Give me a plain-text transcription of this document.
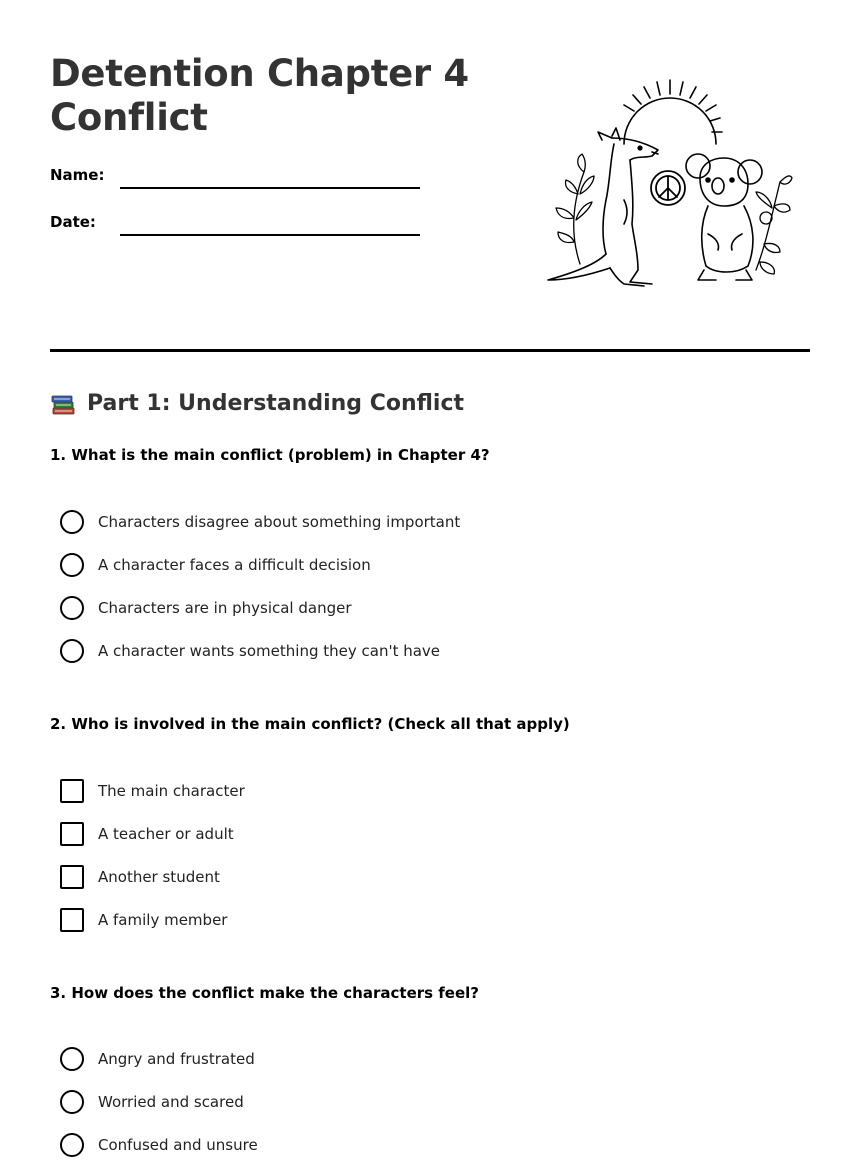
Detention Chapter 4
Conflict
Name:
Date:
Part 1: Understanding Conflict

1. What is the main conflict (problem) in Chapter 4?

Characters disagree about something important
A character faces a difficult decision
Characters are in physical danger
A character wants something they can't have

2. Who is involved in the main conflict? (Check all that apply)

The main character
A teacher or adult
Another student
A family member

3. How does the conflict make the characters feel?

Angry and frustrated
Worried and scared
Confused and unsure
